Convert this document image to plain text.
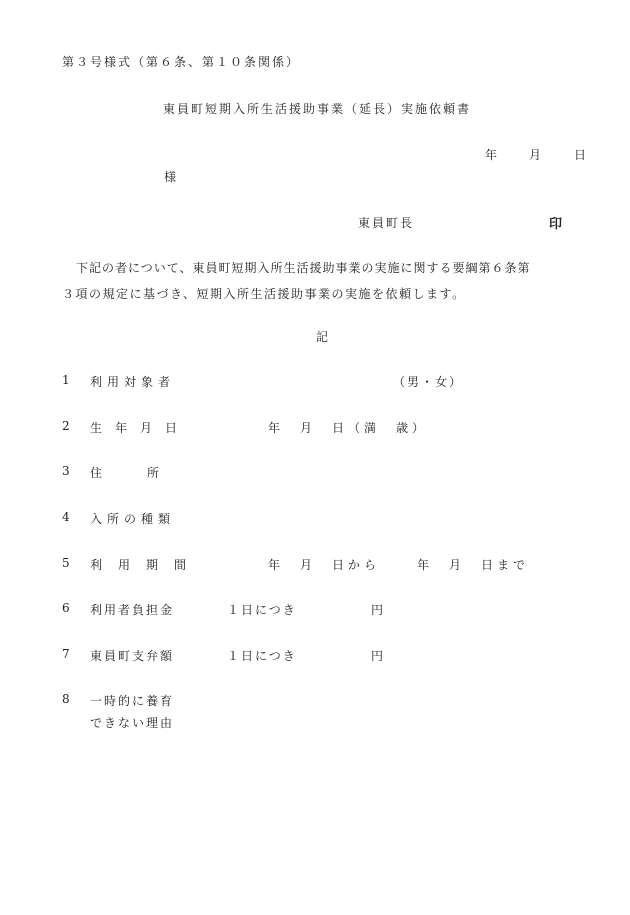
第３号様式（第６条、第１０条関係）
東員町短期入所生活援助事業（延長）実施依頼書
年 月	日
様
東員町長	印
下記の者について、東員町短期入所生活援助事業の実施に関する要綱第６条第
３項の規定に基づき、短期入所生活援助事業の実施を依頼します。
記
1 利用対象者	（男・女）
2 生年月日	年　月　日（満　歳）
3 住　　所
4 入所の種類
5 利用期間	年　月　日から	年　月　日まで
6 利用者負担金	１日につき	円
7 東員町支弁額	１日につき	円
8 一時的に養育
できない理由
